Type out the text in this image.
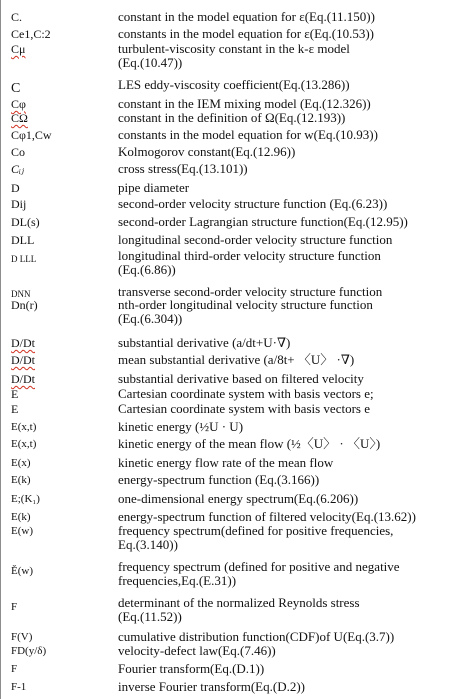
C.	constant in the model equation for ε(Eq.(11.150))
Ce1,C:2	constants in the model equation for ε(Eq.(10.53))
Cμ	turbulent-viscosity constant in the k-ε model
(Eq.(10.47))
C	LES eddy-viscosity coefficient(Eq.(13.286))
Cφ	constant in the IEM mixing model (Eq.(12.326))
CΩ	constant in the definition of Ω(Eq.(12.193))
Cφ1,Cw	constants in the model equation for w(Eq.(10.93))
Co	Kolmogorov constant(Eq.(12.96))
Cᵢⱼ	cross stress(Eq.(13.101))
D	pipe diameter
Dij	second-order velocity structure function (Eq.(6.23))
DL(s)	second-order Lagrangian structure function(Eq.(12.95))
DLL	longitudinal second-order velocity structure function
D LLL	longitudinal third-order velocity structure function
(Eq.(6.86))
DNN	transverse second-order velocity structure function
Dn(r)	nth-order longitudinal velocity structure function
(Eq.(6.304))
D/Dt	substantial derivative (a/dt+U·∇)
D/Dt	mean substantial derivative (a/8t+ 〈U〉 ·∇)
D/Dt	substantial derivative based on filtered velocity
E	Cartesian coordinate system with basis vectors e;
E	Cartesian coordinate system with basis vectors e
E(x,t)	kinetic energy (½U · U)
E(x,t)	kinetic energy of the mean flow (½〈U〉 · 〈U〉)
E(x)	kinetic energy flow rate of the mean flow
E(k)	energy-spectrum function (Eq.(3.166))
E;(K₁)	one-dimensional energy spectrum(Eq.(6.206))
E(k)	energy-spectrum function of filtered velocity(Eq.(13.62))
E(w)	frequency spectrum(defined for positive frequencies,
Eq.(3.140))
Ě(w)	frequency spectrum (defined for positive and negative
frequencies,Eq.(E.31))
F	determinant of the normalized Reynolds stress
(Eq.(11.52))
F(V)	cumulative distribution function(CDF)of U(Eq.(3.7))
FD(y/δ)	velocity-defect law(Eq.(7.46))
F	Fourier transform(Eq.(D.1))
F-1	inverse Fourier transform(Eq.(D.2))
